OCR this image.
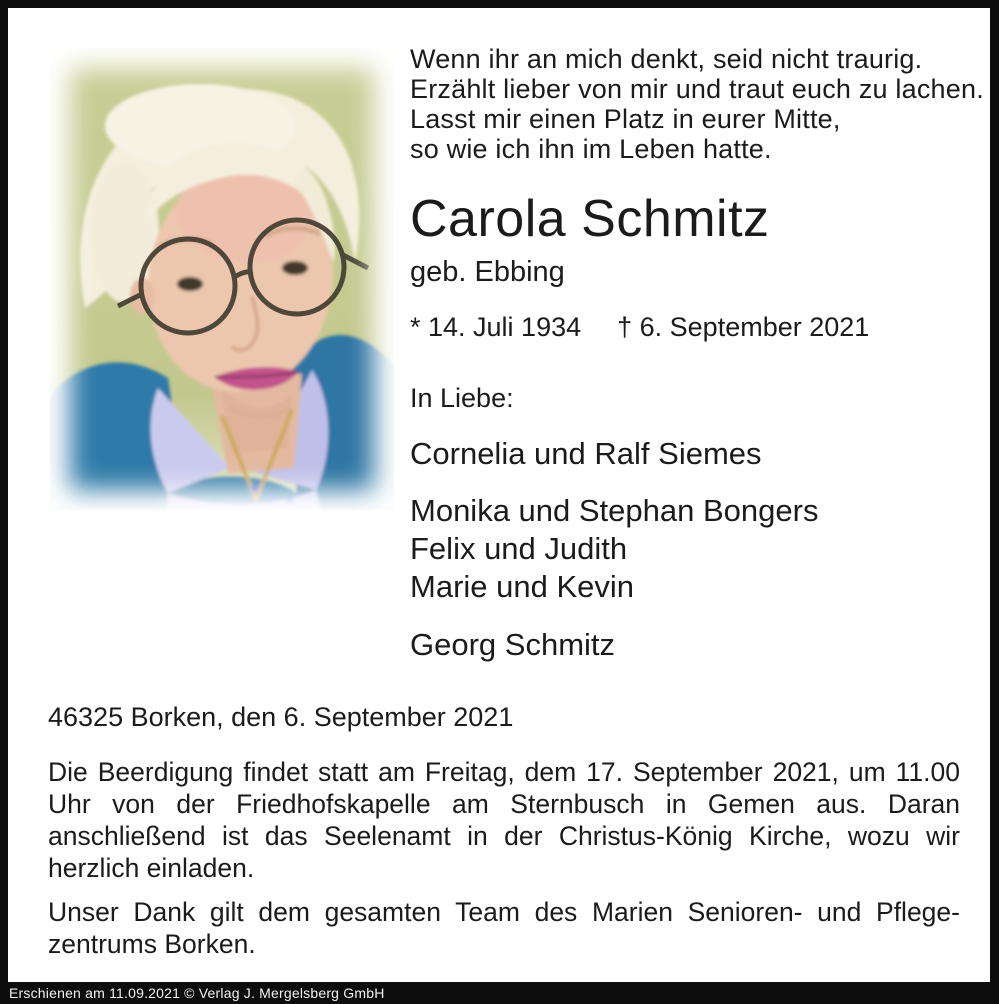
Wenn ihr an mich denkt, seid nicht traurig.
Erzählt lieber von mir und traut euch zu lachen.
Lasst mir einen Platz in eurer Mitte,
so wie ich ihn im Leben hatte.
Carola Schmitz
geb. Ebbing
* 14. Juli 1934 † 6. September 2021
In Liebe:
Cornelia und Ralf Siemes
Monika und Stephan Bongers
Felix und Judith
Marie und Kevin
Georg Schmitz
46325 Borken, den 6. September 2021
Die Beerdigung findet statt am Freitag, dem 17. September 2021, um 11.00 Uhr von der Friedhofskapelle am Sternbusch in Gemen aus. Daran anschließend ist das Seelenamt in der Christus-König Kirche, wozu wir herzlich einladen.
Unser Dank gilt dem gesamten Team des Marien Senioren- und Pflegezentrums Borken.
Erschienen am 11.09.2021 © Verlag J. Mergelsberg GmbH
